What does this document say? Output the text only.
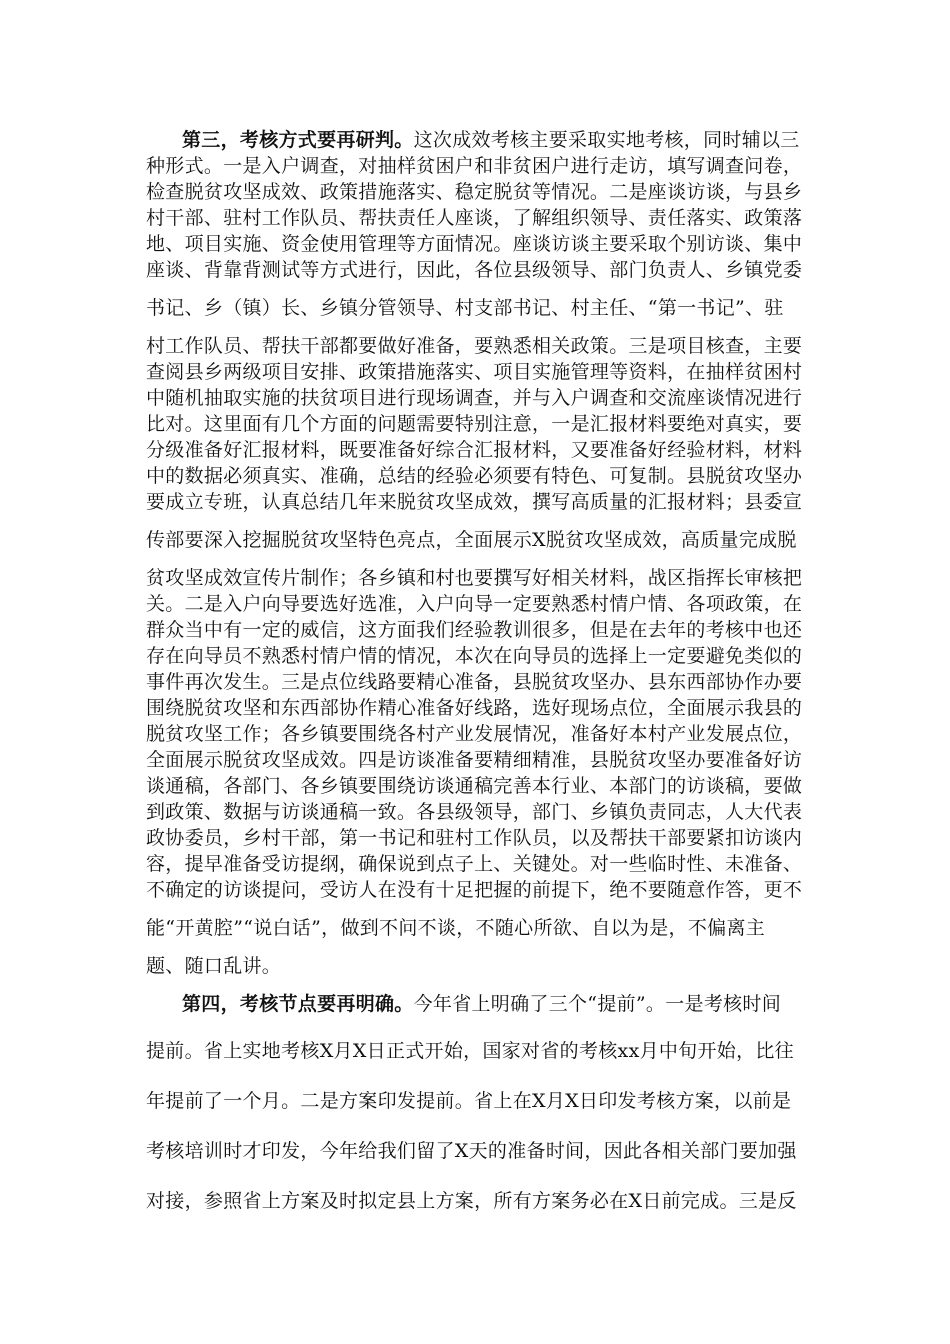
第三，考核方式要再研判。这次成效考核主要采取实地考核，同时辅以三
种形式。一是入户调查，对抽样贫困户和非贫困户进行走访，填写调查问卷，
检查脱贫攻坚成效、政策措施落实、稳定脱贫等情况。二是座谈访谈，与县乡
村干部、驻村工作队员、帮扶责任人座谈，了解组织领导、责任落实、政策落
地、项目实施、资金使用管理等方面情况。座谈访谈主要采取个别访谈、集中
座谈、背靠背测试等方式进行，因此，各位县级领导、部门负责人、乡镇党委
书记、乡（镇）长、乡镇分管领导、村支部书记、村主任、“第一书记”、驻
村工作队员、帮扶干部都要做好准备，要熟悉相关政策。三是项目核查，主要
查阅县乡两级项目安排、政策措施落实、项目实施管理等资料，在抽样贫困村
中随机抽取实施的扶贫项目进行现场调查，并与入户调查和交流座谈情况进行
比对。这里面有几个方面的问题需要特别注意，一是汇报材料要绝对真实，要
分级准备好汇报材料，既要准备好综合汇报材料，又要准备好经验材料，材料
中的数据必须真实、准确，总结的经验必须要有特色、可复制。县脱贫攻坚办
要成立专班，认真总结几年来脱贫攻坚成效，撰写高质量的汇报材料；县委宣
传部要深入挖掘脱贫攻坚特色亮点，全面展示X脱贫攻坚成效，高质量完成脱
贫攻坚成效宣传片制作；各乡镇和村也要撰写好相关材料，战区指挥长审核把
关。二是入户向导要选好选准，入户向导一定要熟悉村情户情、各项政策，在
群众当中有一定的威信，这方面我们经验教训很多，但是在去年的考核中也还
存在向导员不熟悉村情户情的情况，本次在向导员的选择上一定要避免类似的
事件再次发生。三是点位线路要精心准备，县脱贫攻坚办、县东西部协作办要
围绕脱贫攻坚和东西部协作精心准备好线路，选好现场点位，全面展示我县的
脱贫攻坚工作；各乡镇要围绕各村产业发展情况，准备好本村产业发展点位，
全面展示脱贫攻坚成效。四是访谈准备要精细精准，县脱贫攻坚办要准备好访
谈通稿，各部门、各乡镇要围绕访谈通稿完善本行业、本部门的访谈稿，要做
到政策、数据与访谈通稿一致。各县级领导，部门、乡镇负责同志，人大代表
政协委员，乡村干部，第一书记和驻村工作队员，以及帮扶干部要紧扣访谈内
容，提早准备受访提纲，确保说到点子上、关键处。对一些临时性、未准备、
不确定的访谈提问，受访人在没有十足把握的前提下，绝不要随意作答，更不
能“开黄腔”“说白话”，做到不问不谈，不随心所欲、自以为是，不偏离主
题、随口乱讲。
第四，考核节点要再明确。今年省上明确了三个“提前”。一是考核时间
提前。省上实地考核X月X日正式开始，国家对省的考核xx月中旬开始，比往
年提前了一个月。二是方案印发提前。省上在X月X日印发考核方案，以前是
考核培训时才印发，今年给我们留了X天的准备时间，因此各相关部门要加强
对接，参照省上方案及时拟定县上方案，所有方案务必在X日前完成。三是反
